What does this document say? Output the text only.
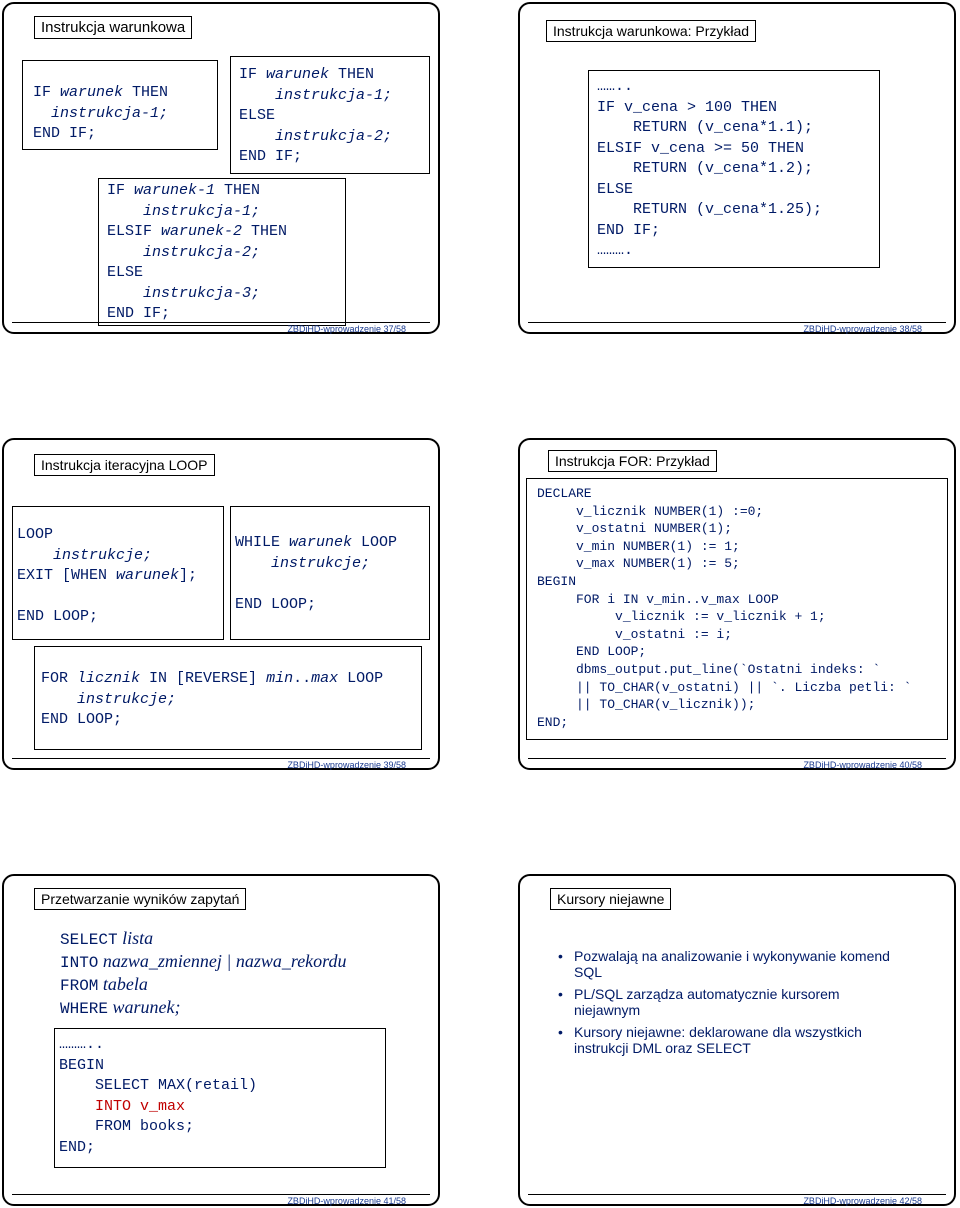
Instrukcja warunkowa
IF warunek THEN
instrukcja-1;
END IF;
IF warunek THEN
instrukcja-1;
ELSE
instrukcja-2;
END IF;
IF warunek-1 THEN
instrukcja-1;
ELSIF warunek-2 THEN
instrukcja-2;
ELSE
instrukcja-3;
END IF;
ZBDiHD-wprowadzenie 37/58
Instrukcja warunkowa: Przykład
……..
IF v_cena > 100 THEN
RETURN (v_cena*1.1);
ELSIF v_cena >= 50 THEN
RETURN (v_cena*1.2);
ELSE
RETURN (v_cena*1.25);
END IF;
……….
ZBDiHD-wprowadzenie 38/58
Instrukcja iteracyjna LOOP
LOOP
instrukcje;
EXIT [WHEN warunek];

END LOOP;
WHILE warunek LOOP
instrukcje;

END LOOP;
FOR licznik IN [REVERSE] min..max LOOP
instrukcje;
END LOOP;
ZBDiHD-wprowadzenie 39/58
Instrukcja FOR: Przykład
DECLARE
v_licznik NUMBER(1) :=0;
v_ostatni NUMBER(1);
v_min NUMBER(1) := 1;
v_max NUMBER(1) := 5;
BEGIN
FOR i IN v_min..v_max LOOP
v_licznik := v_licznik + 1;
v_ostatni := i;
END LOOP;
dbms_output.put_line(`Ostatni indeks: `
|| TO_CHAR(v_ostatni) || `. Liczba petli: `
|| TO_CHAR(v_licznik));
END;
ZBDiHD-wprowadzenie 40/58
Przetwarzanie wyników zapytań
SELECT lista
INTO nazwa_zmiennej | nazwa_rekordu
FROM tabela
WHERE warunek;
………..
BEGIN
SELECT MAX(retail)
INTO v_max
FROM books;
END;
ZBDiHD-wprowadzenie 41/58
Kursory niejawne
• Pozwalają na analizowanie i wykonywanie komend SQL
• PL/SQL zarządza automatycznie kursorem niejawnym
• Kursory niejawne: deklarowane dla wszystkich instrukcji DML oraz SELECT
ZBDiHD-wprowadzenie 42/58
